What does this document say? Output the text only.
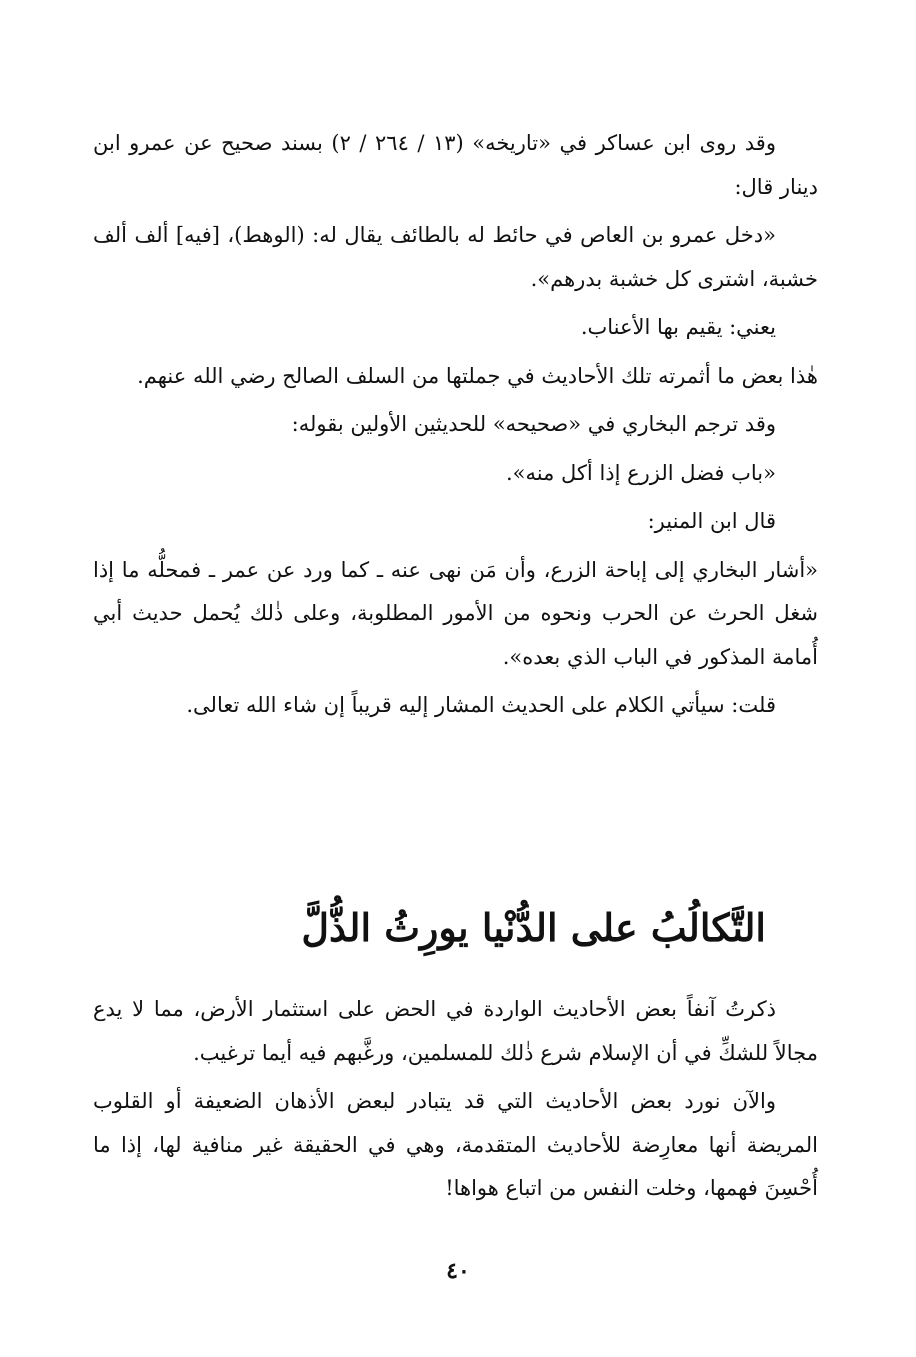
وقد روى ابن عساكر في «تاريخه» (١٣ / ٢٦٤ / ٢) بسند صحيح عن عمرو ابن دينار قال:

«دخل عمرو بن العاص في حائط له بالطائف يقال له: (الوهط)، [فيه] ألف ألف خشبة، اشترى كل خشبة بدرهم».

يعني: يقيم بها الأعناب.

هٰذا بعض ما أثمرته تلك الأحاديث في جملتها من السلف الصالح رضي الله عنهم.

وقد ترجم البخاري في «صحيحه» للحديثين الأولين بقوله:

«باب فضل الزرع إذا أكل منه».

قال ابن المنير:

«أشار البخاري إلى إباحة الزرع، وأن مَن نهى عنه ـ كما ورد عن عمر ـ فمحلُّه ما إذا شغل الحرث عن الحرب ونحوه من الأمور المطلوبة، وعلى ذٰلك يُحمل حديث أبي أُمامة المذكور في الباب الذي بعده».

قلت: سيأتي الكلام على الحديث المشار إليه قريباً إن شاء الله تعالى.

التَّكالُبُ على الدُّنْيا يورِثُ الذُّلَّ

ذكرتُ آنفاً بعض الأحاديث الواردة في الحض على استثمار الأرض، مما لا يدع مجالاً للشكِّ في أن الإسلام شرع ذٰلك للمسلمين، ورغَّبهم فيه أيما ترغيب.

والآن نورد بعض الأحاديث التي قد يتبادر لبعض الأذهان الضعيفة أو القلوب المريضة أنها معارِضة للأحاديث المتقدمة، وهي في الحقيقة غير منافية لها، إذا ما أُحْسِنَ فهمها، وخلت النفس من اتباع هواها!

٤٠
